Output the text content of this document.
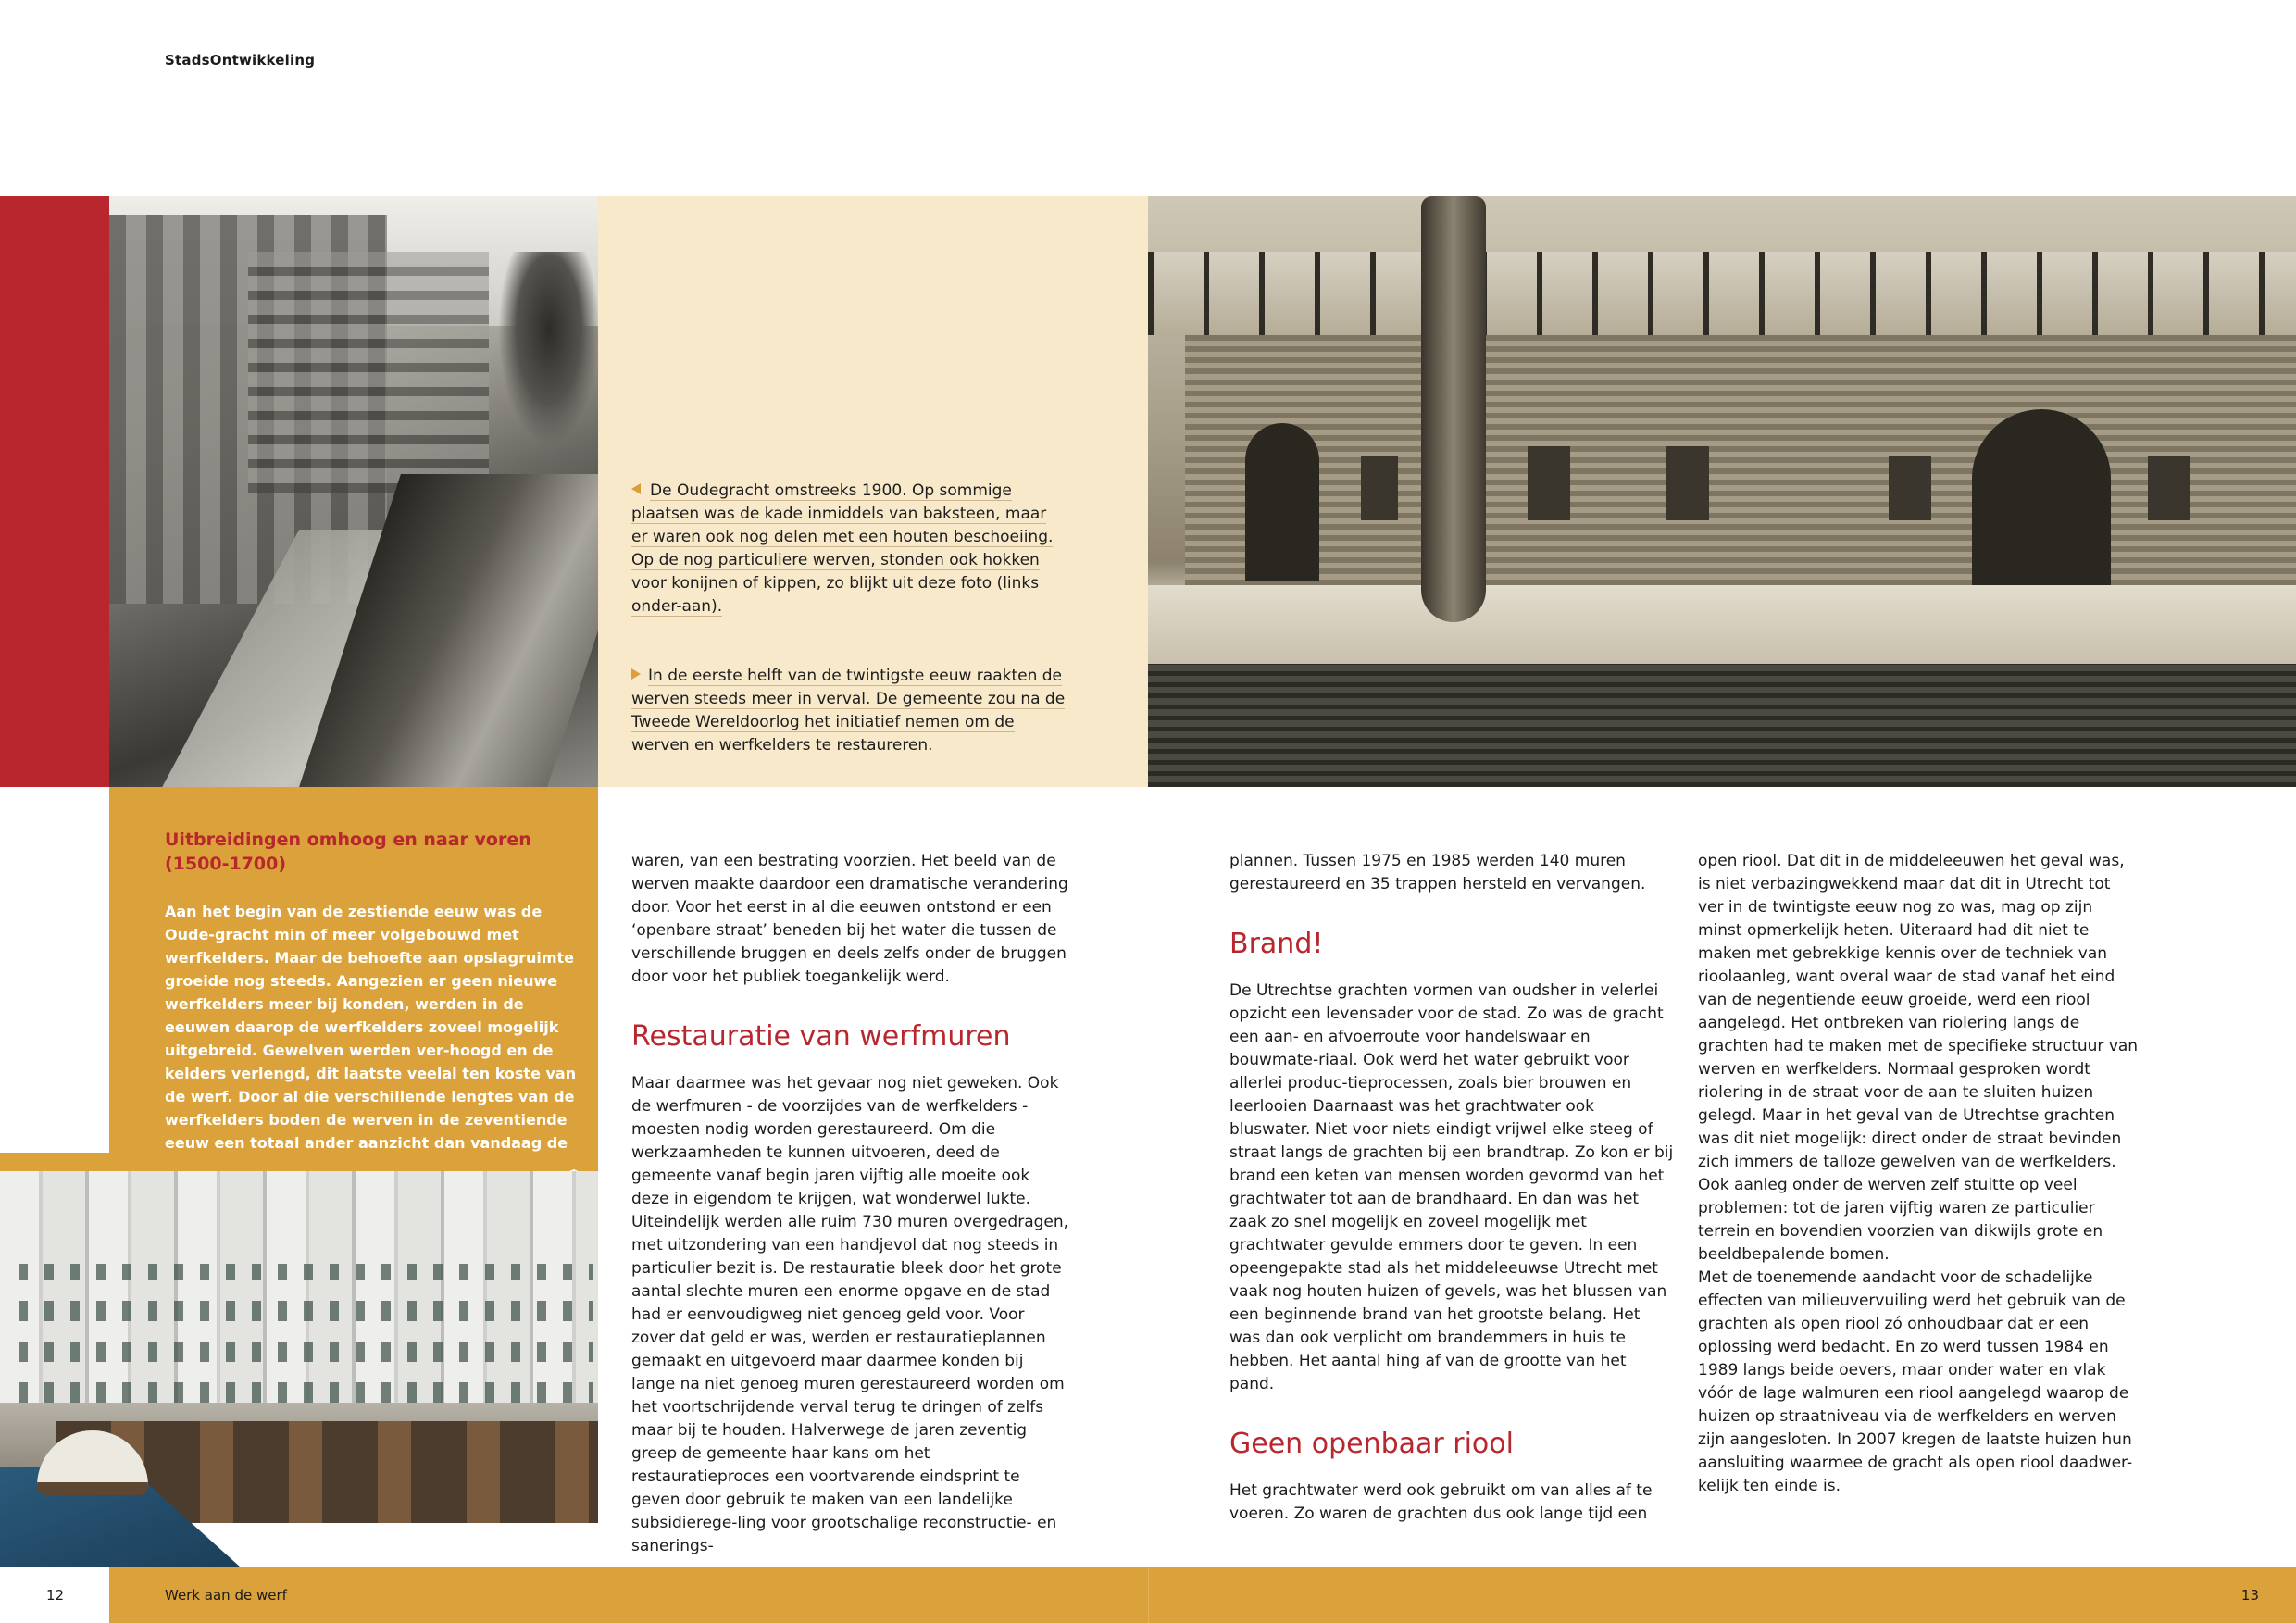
StadsOntwikkeling
De Oudegracht omstreeks 1900. Op sommige plaatsen was de kade inmiddels van baksteen, maar er waren ook nog delen met een houten beschoeiing. Op de nog particuliere werven, stonden ook hokken voor konijnen of kippen, zo blijkt uit deze foto (links onder-aan).
In de eerste helft van de twintigste eeuw raakten de werven steeds meer in verval. De gemeente zou na de Tweede Wereldoorlog het initiatief nemen om de werven en werfkelders te restaureren.
Uitbreidingen omhoog en naar voren (1500-1700)
Aan het begin van de zestiende eeuw was de Oude-gracht min of meer volgebouwd met werfkelders. Maar de behoefte aan opslagruimte groeide nog steeds. Aangezien er geen nieuwe werfkelders meer bij konden, werden in de eeuwen daarop de werfkelders zoveel mogelijk uitgebreid. Gewelven werden ver-hoogd en de kelders verlengd, dit laatste veelal ten koste van de werf. Door al die verschillende lengtes van de werfkelders boden de werven in de zeventiende eeuw een totaal ander aanzicht dan vandaag de

waren, van een bestrating voorzien. Het beeld van de werven maakte daardoor een dramatische verandering door. Voor het eerst in al die eeuwen ontstond er een ‘openbare straat’ beneden bij het water die tussen de verschillende bruggen en deels zelfs onder de bruggen door voor het publiek toegankelijk werd.

Restauratie van werfmuren

Maar daarmee was het gevaar nog niet geweken. Ook de werfmuren - de voorzijdes van de werfkelders - moesten nodig worden gerestaureerd. Om die werkzaamheden te kunnen uitvoeren, deed de gemeente vanaf begin jaren vijftig alle moeite ook deze in eigendom te krijgen, wat wonderwel lukte. Uiteindelijk werden alle ruim 730 muren overgedragen, met uitzondering van een handjevol dat nog steeds in particulier bezit is. De restauratie bleek door het grote aantal slechte muren een enorme opgave en de stad had er eenvoudigweg niet genoeg geld voor. Voor zover dat geld er was, werden er restauratieplannen gemaakt en uitgevoerd maar daarmee konden bij lange na niet genoeg muren gerestaureerd worden om het voortschrijdende verval terug te dringen of zelfs maar bij te houden. Halverwege de jaren zeventig greep de gemeente haar kans om het restauratieproces een voortvarende eindsprint te geven door gebruik te maken van een landelijke subsidierege-ling voor grootschalige reconstructie- en sanerings-

plannen. Tussen 1975 en 1985 werden 140 muren gerestaureerd en 35 trappen hersteld en vervangen.

Brand!

De Utrechtse grachten vormen van oudsher in velerlei opzicht een levensader voor de stad. Zo was de gracht een aan- en afvoerroute voor handelswaar en bouwmate-riaal. Ook werd het water gebruikt voor allerlei produc-tieprocessen, zoals bier brouwen en leerlooien Daarnaast was het grachtwater ook bluswater. Niet voor niets eindigt vrijwel elke steeg of straat langs de grachten bij een brandtrap. Zo kon er bij brand een keten van mensen worden gevormd van het grachtwater tot aan de brandhaard. En dan was het zaak zo snel mogelijk en zoveel mogelijk met grachtwater gevulde emmers door te geven. In een opeengepakte stad als het middeleeuwse Utrecht met vaak nog houten huizen of gevels, was het blussen van een beginnende brand van het grootste belang. Het was dan ook verplicht om brandemmers in huis te hebben. Het aantal hing af van de grootte van het pand.

Geen openbaar riool

Het grachtwater werd ook gebruikt om van alles af te voeren. Zo waren de grachten dus ook lange tijd een

open riool. Dat dit in de middeleeuwen het geval was, is niet verbazingwekkend maar dat dit in Utrecht tot ver in de twintigste eeuw nog zo was, mag op zijn minst opmerkelijk heten. Uiteraard had dit niet te maken met gebrekkige kennis over de techniek van rioolaanleg, want overal waar de stad vanaf het eind van de negentiende eeuw groeide, werd een riool aangelegd. Het ontbreken van riolering langs de grachten had te maken met de specifieke structuur van werven en werfkelders. Normaal gesproken wordt riolering in de straat voor de aan te sluiten huizen gelegd. Maar in het geval van de Utrechtse grachten was dit niet mogelijk: direct onder de straat bevinden zich immers de talloze gewelven van de werfkelders. Ook aanleg onder de werven zelf stuitte op veel problemen: tot de jaren vijftig waren ze particulier terrein en bovendien voorzien van dikwijls grote en beeldbepalende bomen.

Met de toenemende aandacht voor de schadelijke effecten van milieuvervuiling werd het gebruik van de grachten als open riool zó onhoudbaar dat er een oplossing werd bedacht. En zo werd tussen 1984 en 1989 langs beide oevers, maar onder water en vlak vóór de lage walmuren een riool aangelegd waarop de huizen op straatniveau via de werfkelders en werven zijn aangesloten. In 2007 kregen de laatste huizen hun aansluiting waarmee de gracht als open riool daadwer-kelijk ten einde is.

12	Werk aan de werf	13
